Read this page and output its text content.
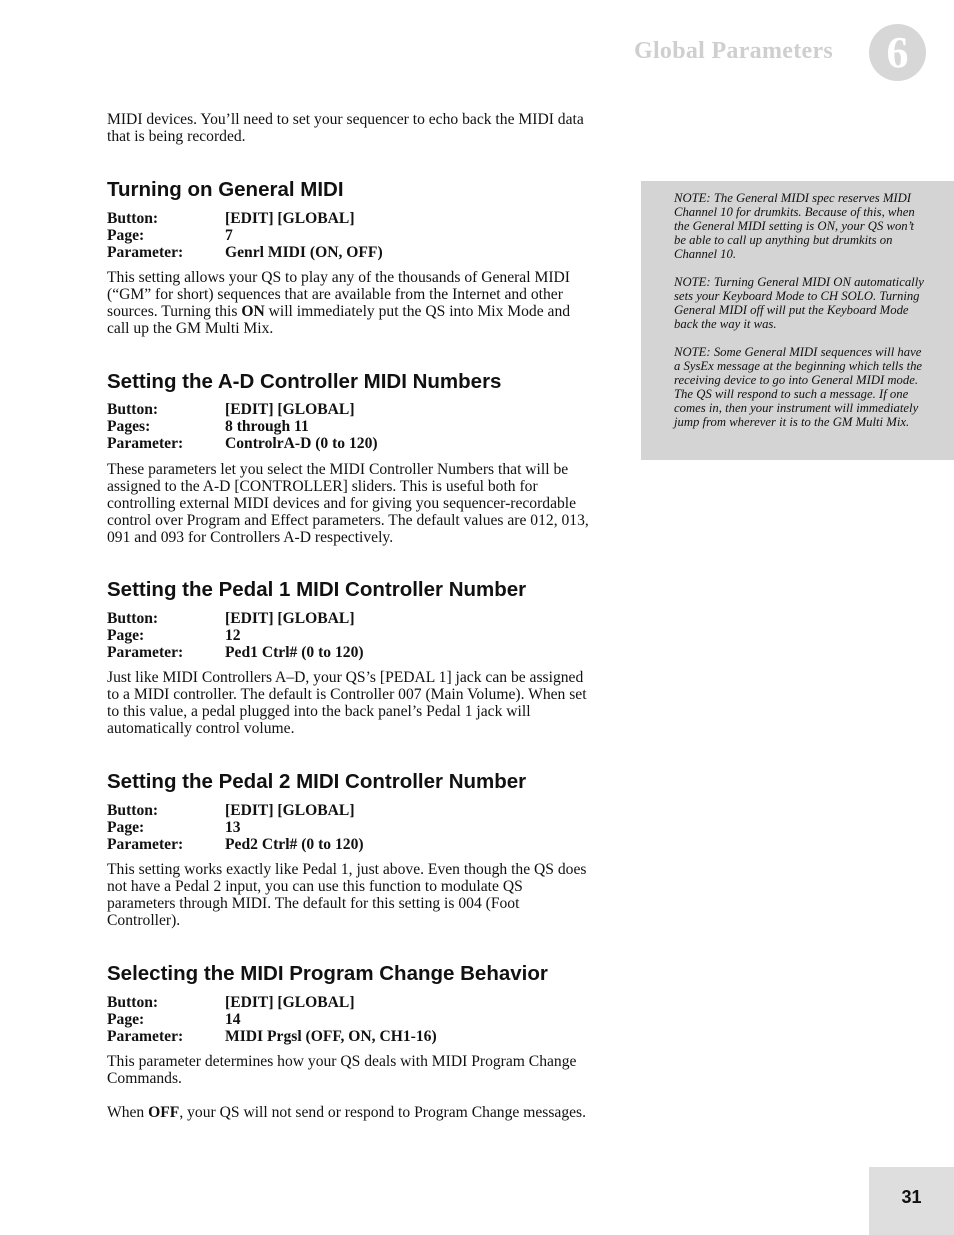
Global Parameters	6

MIDI devices. You’ll need to set your sequencer to echo back the MIDI data that is being recorded.

Turning on General MIDI
Button:	[EDIT] [GLOBAL]
Page:	7
Parameter:	Genrl MIDI (ON, OFF)

This setting allows your QS to play any of the thousands of General MIDI (“GM” for short) sequences that are available from the Internet and other sources. Turning this ON will immediately put the QS into Mix Mode and call up the GM Multi Mix.

Setting the A-D Controller MIDI Numbers
Button:	[EDIT] [GLOBAL]
Pages:	8 through 11
Parameter:	ControlrA-D (0 to 120)

These parameters let you select the MIDI Controller Numbers that will be assigned to the A-D [CONTROLLER] sliders. This is useful both for controlling external MIDI devices and for giving you sequencer-recordable control over Program and Effect parameters. The default values are 012, 013, 091 and 093 for Controllers A-D respectively.

Setting the Pedal 1 MIDI Controller Number
Button:	[EDIT] [GLOBAL]
Page:	12
Parameter:	Ped1 Ctrl# (0 to 120)

Just like MIDI Controllers A–D, your QS’s [PEDAL 1] jack can be assigned to a MIDI controller. The default is Controller 007 (Main Volume). When set to this value, a pedal plugged into the back panel’s Pedal 1 jack will automatically control volume.

Setting the Pedal 2 MIDI Controller Number
Button:	[EDIT] [GLOBAL]
Page:	13
Parameter:	Ped2 Ctrl# (0 to 120)

This setting works exactly like Pedal 1, just above. Even though the QS does not have a Pedal 2 input, you can use this function to modulate QS parameters through MIDI. The default for this setting is 004 (Foot Controller).

Selecting the MIDI Program Change Behavior
Button:	[EDIT] [GLOBAL]
Page:	14
Parameter:	MIDI Prgsl (OFF, ON, CH1-16)

This parameter determines how your QS deals with MIDI Program Change Commands.

When OFF, your QS will not send or respond to Program Change messages.

NOTE: The General MIDI spec reserves MIDI Channel 10 for drumkits. Because of this, when the General MIDI setting is ON, your QS won’t be able to call up anything but drumkits on Channel 10.

NOTE: Turning General MIDI ON automatically sets your Keyboard Mode to CH SOLO. Turning General MIDI off will put the Keyboard Mode back the way it was.

NOTE: Some General MIDI sequences will have a SysEx message at the beginning which tells the receiving device to go into General MIDI mode. The QS will respond to such a message. If one comes in, then your instrument will immediately jump from wherever it is to the GM Multi Mix.

31
